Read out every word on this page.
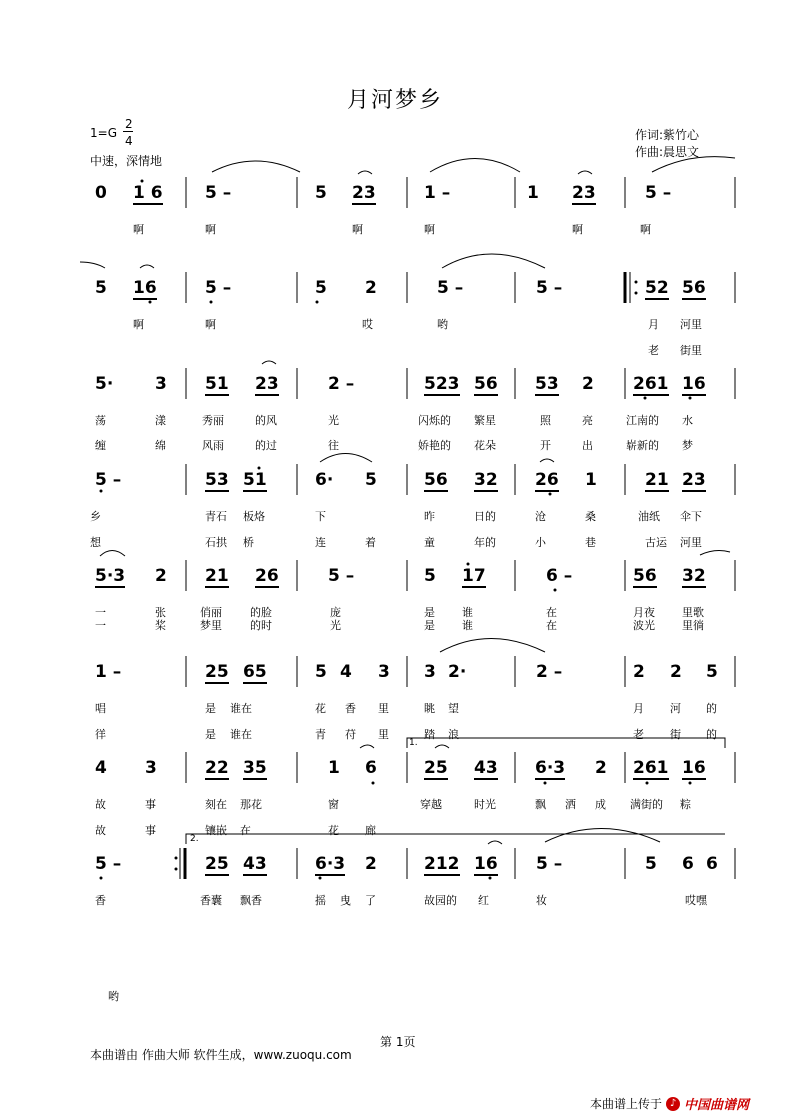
月河梦乡
1=G
2
4
中速，深情地
作词:紫竹心
作曲:晨思文
0 1 6 5 –	5 23	1 –	1 23	5 –
啊	啊	啊	啊	啊	啊
5 16	5 –	5 2	5 –	5 –	52 56
啊	啊	哎	哟	月 河里
老 街里
5· 3 51 23	2 –	523 56 53 2 261 16
荡	漾	秀丽	的风	光	闪烁的 繁星	照	亮	江南的 水
缠	绵	风雨	的过	往	娇艳的 花朵	开	出	崭新的 梦
5 –	53 51	6· 5	56 32 26 1	21 23
乡	青石 板烙	下	昨	日的	沧	桑	油纸 伞下
想	石拱 桥	连	着	童	年的	小	巷	古运 河里
5·3 2 21 26	5 –	5 17	6 –	56 32
一	张	俏丽	的脸	庞	是 谁	在	月夜 里歌
一	桨	梦里	的时	光	是 谁	在	波光 里徜
1 –	25 65	5 4 3 3 2·	2 –	2 2 5
唱	是 谁在	花 香 里	眺 望	月 河 的
徉	是 谁在	青 苻 里	踏 浪	老 街 的
4 3	22 35	1 6	25 43 6·3 2 261 16
故	事	刻在 那花	窗	穿越	时光	飘 洒 成 满街的 粽
故	事	镶嵌 在	花 廊
5 –	25 43	6·3 2	212 16 5 –	5 6 6
香	香囊 飘香	摇 曳 了	故园的 红	妆	哎嘿
哟
1.
2.
第 1页
本曲谱由 作曲大师 软件生成，www.zuoqu.com
本曲谱上传于 ♪ 中国曲谱网
